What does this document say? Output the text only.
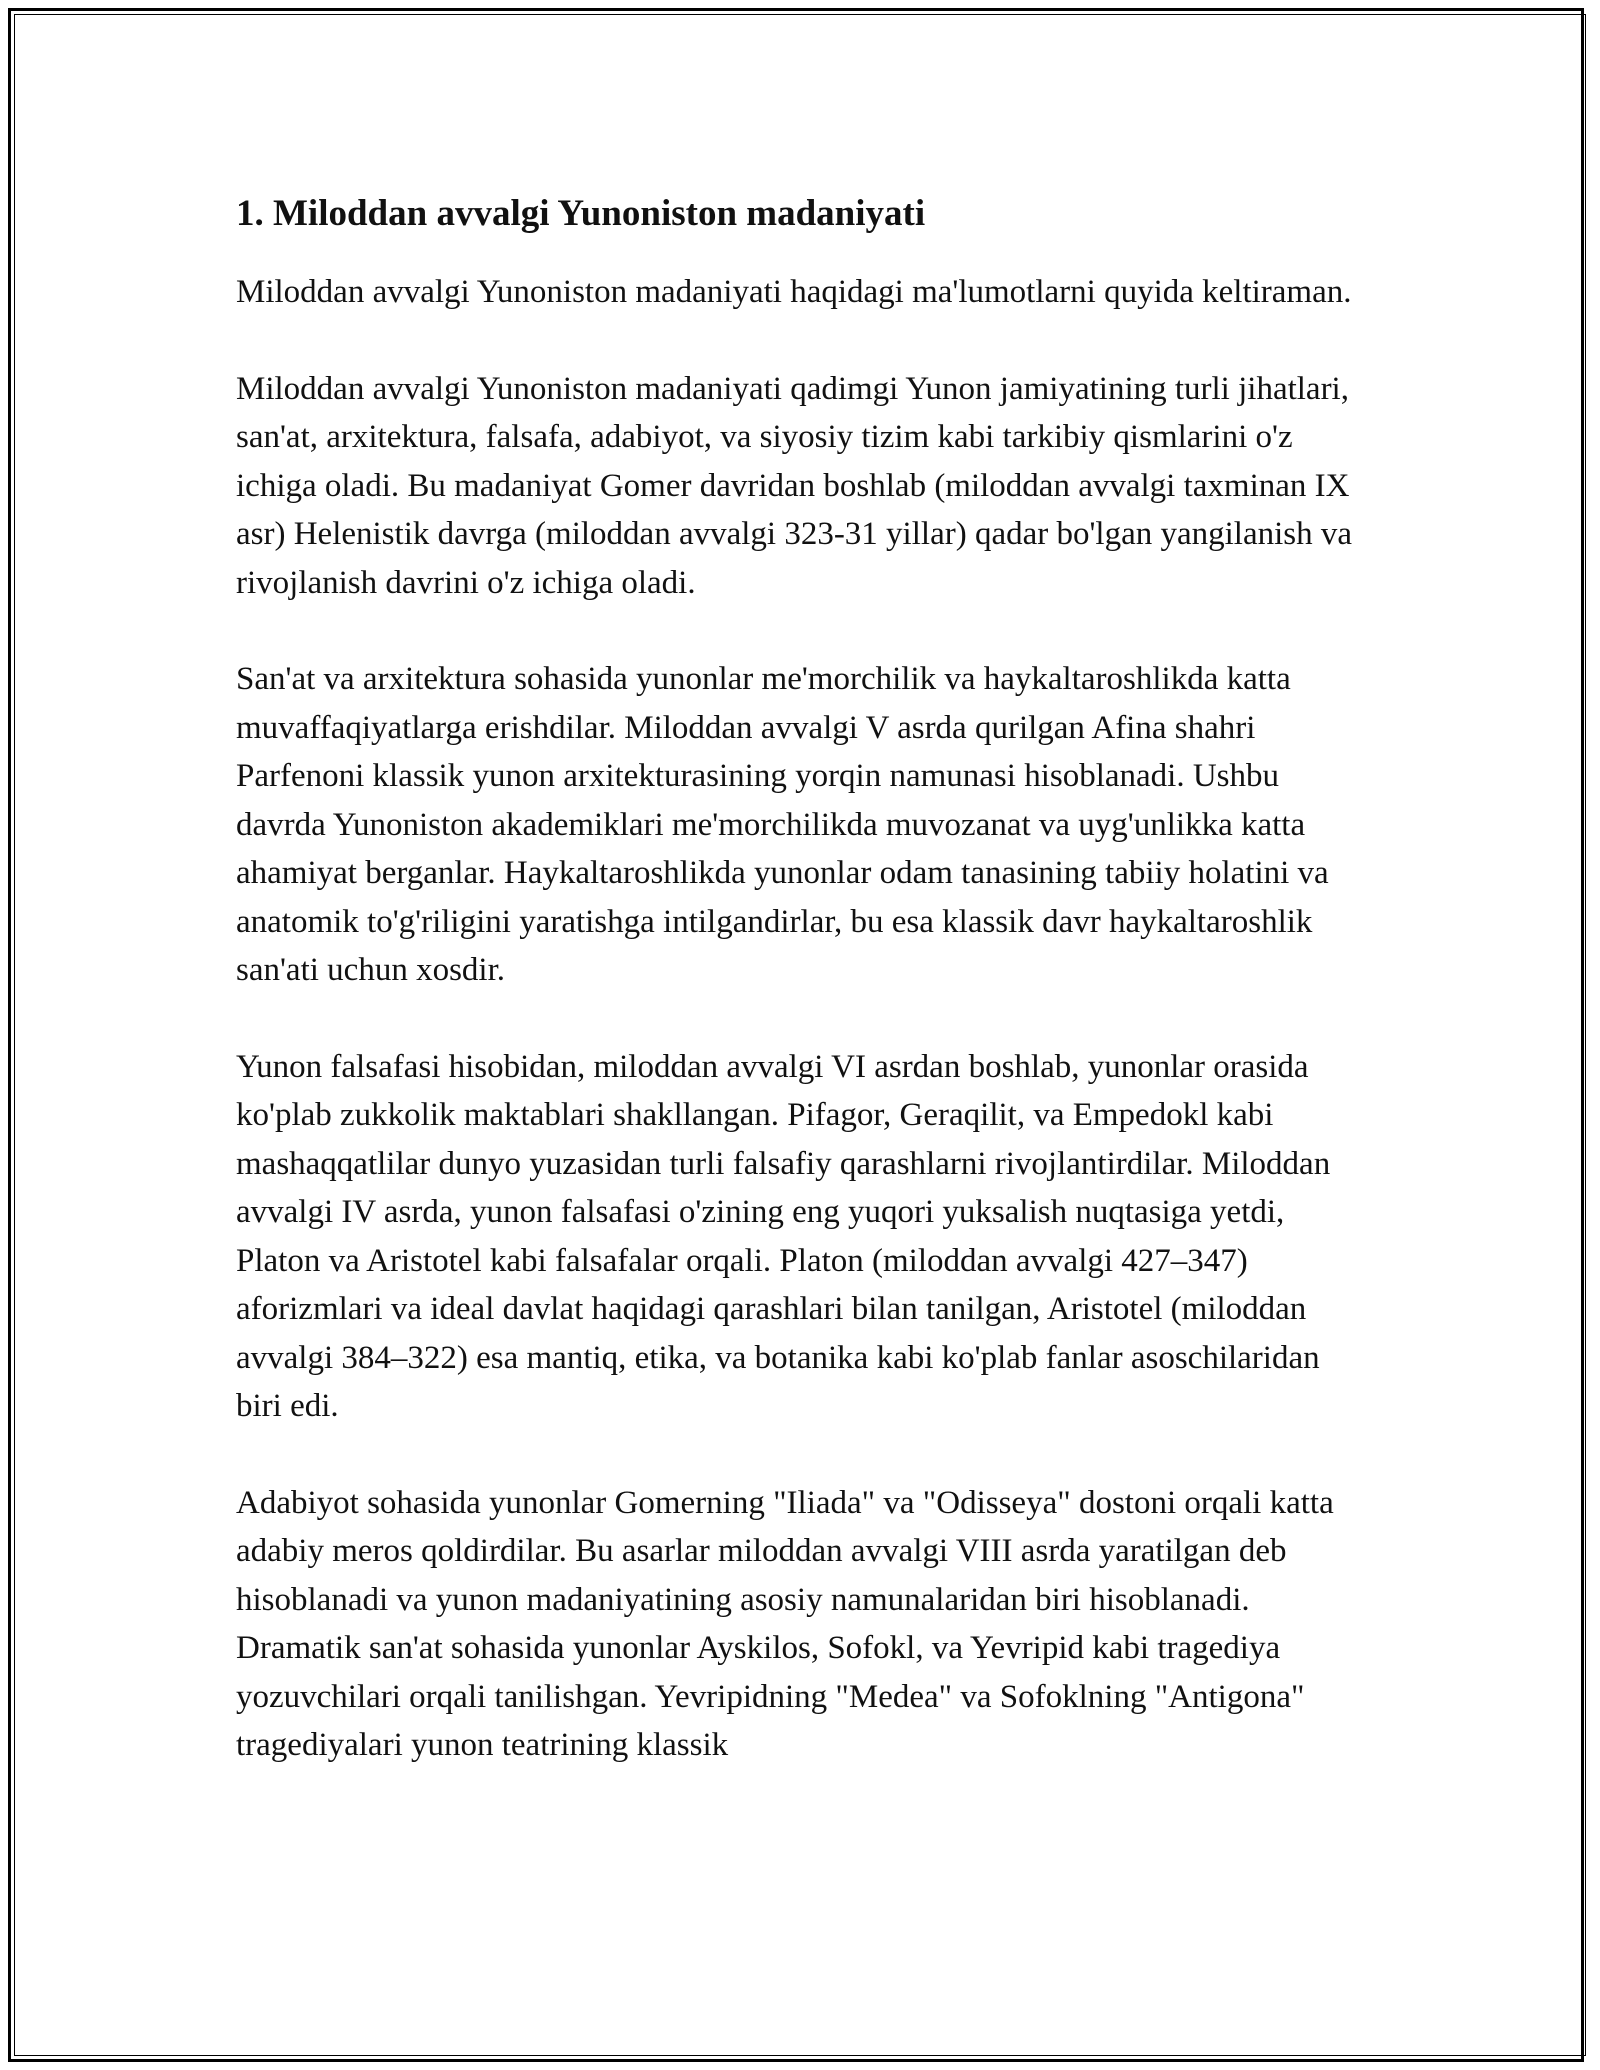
1. Miloddan avvalgi Yunoniston madaniyati

Miloddan avvalgi Yunoniston madaniyati haqidagi ma'lumotlarni quyida keltiraman.

Miloddan avvalgi Yunoniston madaniyati qadimgi Yunon jamiyatining turli jihatlari, san'at, arxitektura, falsafa, adabiyot, va siyosiy tizim kabi tarkibiy qismlarini o'z ichiga oladi. Bu madaniyat Gomer davridan boshlab (miloddan avvalgi taxminan IX asr) Helenistik davrga (miloddan avvalgi 323-31 yillar) qadar bo'lgan yangilanish va rivojlanish davrini o'z ichiga oladi.

San'at va arxitektura sohasida yunonlar me'morchilik va haykaltaroshlikda katta muvaffaqiyatlarga erishdilar. Miloddan avvalgi V asrda qurilgan Afina shahri Parfenoni klassik yunon arxitekturasining yorqin namunasi hisoblanadi. Ushbu davrda Yunoniston akademiklari me'morchilikda muvozanat va uyg'unlikka katta ahamiyat berganlar. Haykaltaroshlikda yunonlar odam tanasining tabiiy holatini va anatomik to'g'riligini yaratishga intilgandirlar, bu esa klassik davr haykaltaroshlik san'ati uchun xosdir.

Yunon falsafasi hisobidan, miloddan avvalgi VI asrdan boshlab, yunonlar orasida ko'plab zukkolik maktablari shakllangan. Pifagor, Geraqilit, va Empedokl kabi mashaqqatlilar dunyo yuzasidan turli falsafiy qarashlarni rivojlantirdilar. Miloddan avvalgi IV asrda, yunon falsafasi o'zining eng yuqori yuksalish nuqtasiga yetdi, Platon va Aristotel kabi falsafalar orqali. Platon (miloddan avvalgi 427–347) aforizmlari va ideal davlat haqidagi qarashlari bilan tanilgan, Aristotel (miloddan avvalgi 384–322) esa mantiq, etika, va botanika kabi ko'plab fanlar asoschilaridan biri edi.

Adabiyot sohasida yunonlar Gomerning "Iliada" va "Odisseya" dostoni orqali katta adabiy meros qoldirdilar. Bu asarlar miloddan avvalgi VIII asrda yaratilgan deb hisoblanadi va yunon madaniyatining asosiy namunalaridan biri hisoblanadi. Dramatik san'at sohasida yunonlar Ayskilos, Sofokl, va Yevripid kabi tragediya yozuvchilari orqali tanilishgan. Yevripidning "Medea" va Sofoklning "Antigona" tragediyalari yunon teatrining klassik
